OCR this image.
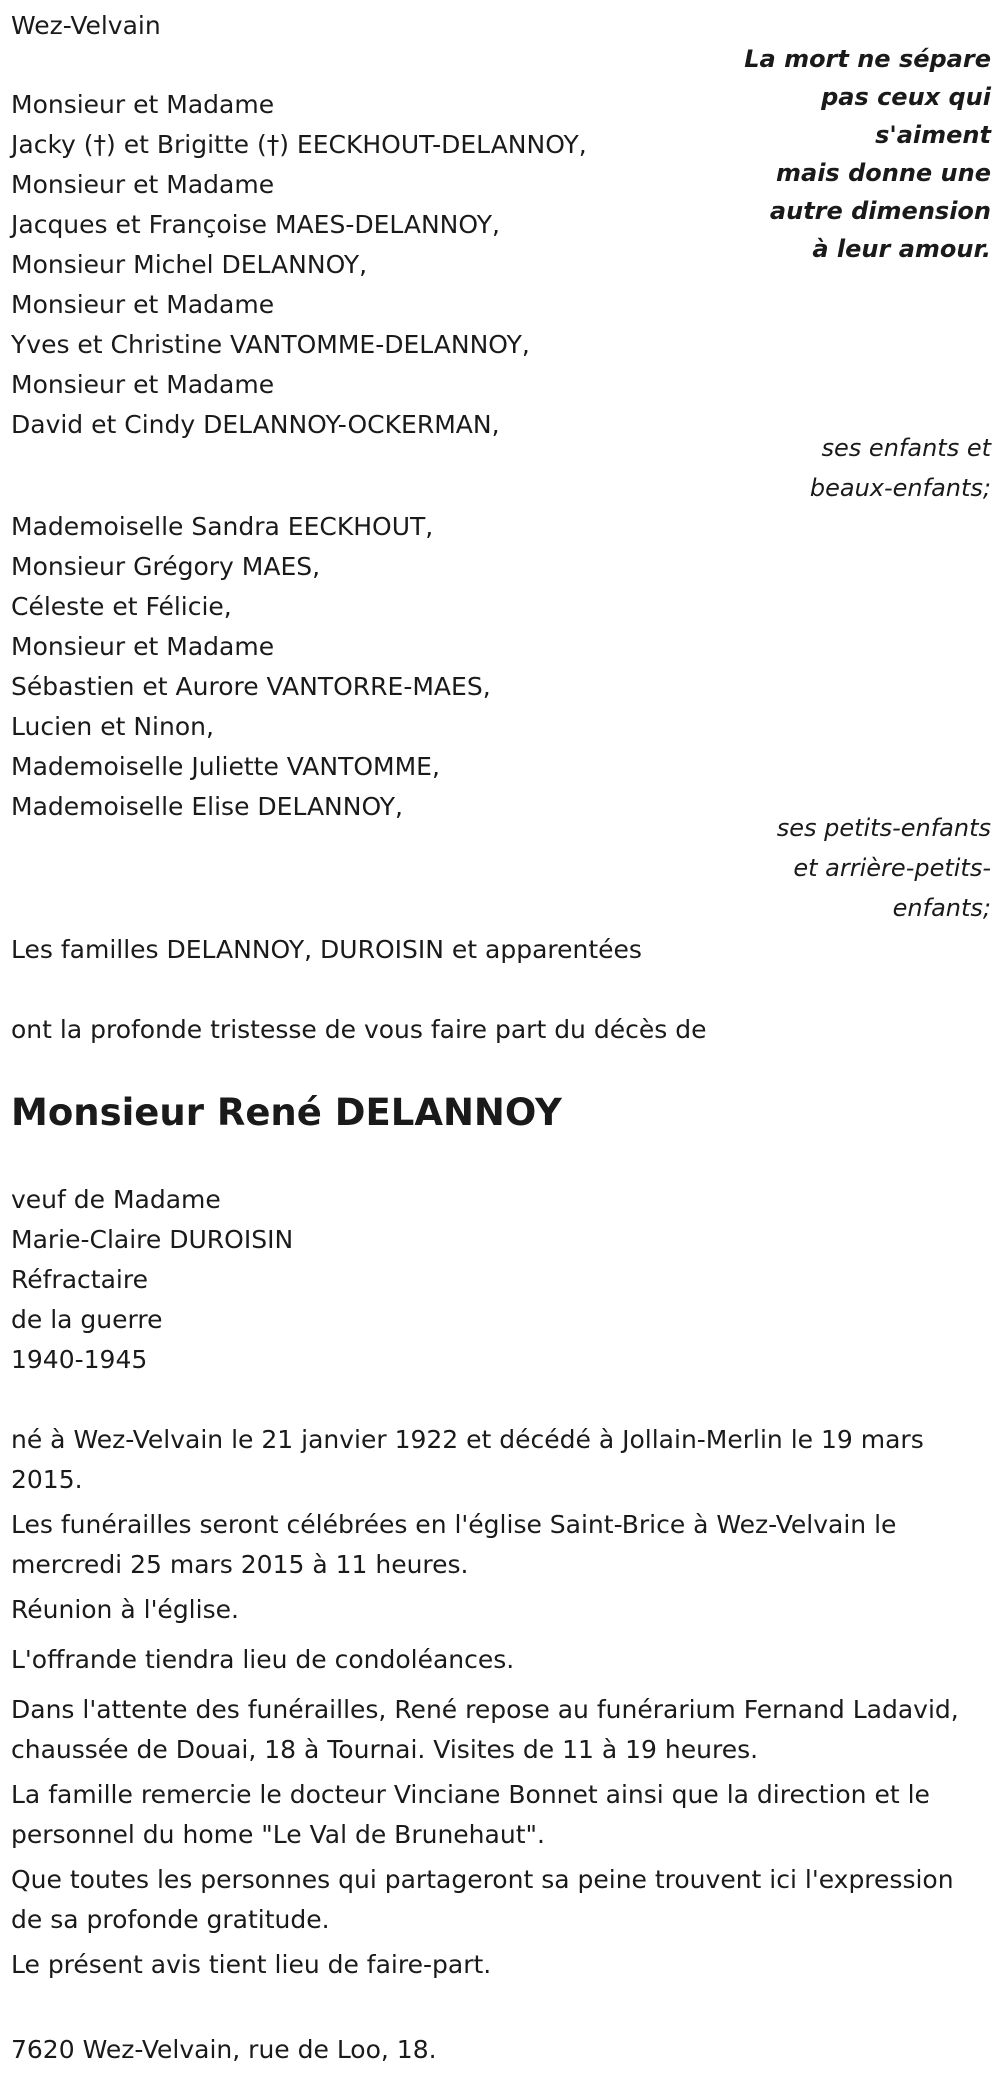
Wez-Velvain
La mort ne sépare
pas ceux qui
s'aiment
mais donne une
autre dimension
à leur amour.
Monsieur et Madame
Jacky (†) et Brigitte (†) EECKHOUT-DELANNOY,
Monsieur et Madame
Jacques et Françoise MAES-DELANNOY,
Monsieur Michel DELANNOY,
Monsieur et Madame
Yves et Christine VANTOMME-DELANNOY,
Monsieur et Madame
David et Cindy DELANNOY-OCKERMAN,
ses enfants et
beaux-enfants;
Mademoiselle Sandra EECKHOUT,
Monsieur Grégory MAES,
Céleste et Félicie,
Monsieur et Madame
Sébastien et Aurore VANTORRE-MAES,
Lucien et Ninon,
Mademoiselle Juliette VANTOMME,
Mademoiselle Elise DELANNOY,
ses petits-enfants
et arrière-petits-
enfants;
Les familles DELANNOY, DUROISIN et apparentées
ont la profonde tristesse de vous faire part du décès de
Monsieur René DELANNOY
veuf de Madame
Marie-Claire DUROISIN
Réfractaire
de la guerre
1940-1945
né à Wez-Velvain le 21 janvier 1922 et décédé à Jollain-Merlin le 19 mars 2015.
Les funérailles seront célébrées en l'église Saint-Brice à Wez-Velvain le mercredi 25 mars 2015 à 11 heures.
Réunion à l'église.
L'offrande tiendra lieu de condoléances.
Dans l'attente des funérailles, René repose au funérarium Fernand Ladavid, chaussée de Douai, 18 à Tournai. Visites de 11 à 19 heures.
La famille remercie le docteur Vinciane Bonnet ainsi que la direction et le personnel du home "Le Val de Brunehaut".
Que toutes les personnes qui partageront sa peine trouvent ici l'expression de sa profonde gratitude.
Le présent avis tient lieu de faire-part.
7620 Wez-Velvain, rue de Loo, 18.
